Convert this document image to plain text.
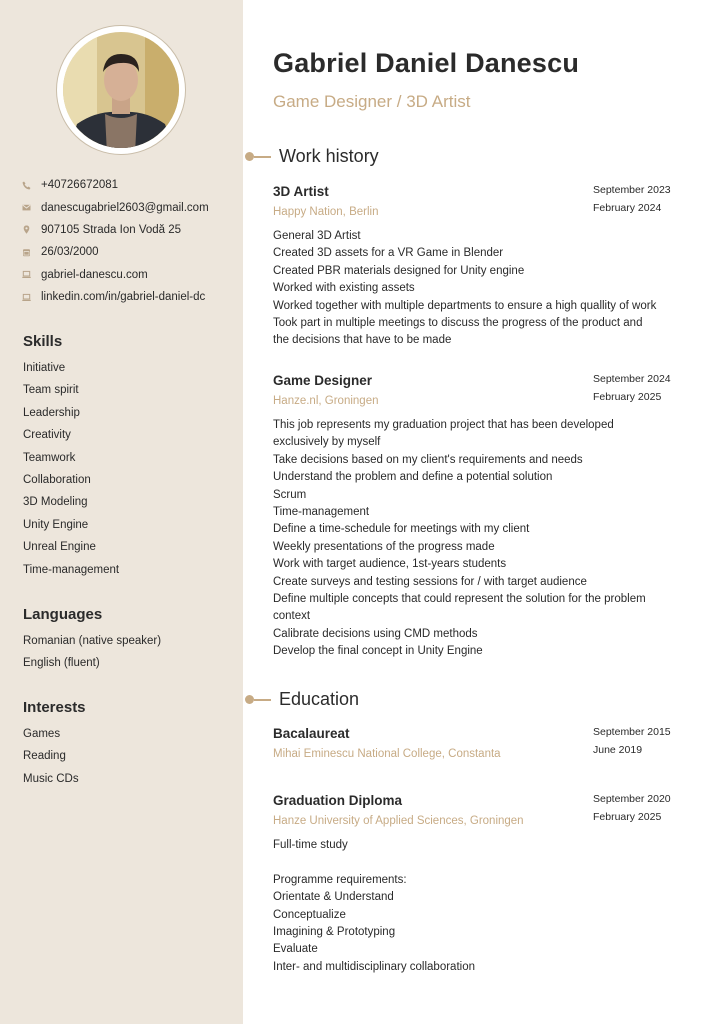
+40726672081
danescugabriel2603@gmail.com
907105 Strada Ion Vodă 25
26/03/2000
gabriel-danescu.com
linkedin.com/in/gabriel-daniel-dc
Skills
Initiative
Team spirit
Leadership
Creativity
Teamwork
Collaboration
3D Modeling
Unity Engine
Unreal Engine
Time-management
Languages
Romanian (native speaker)
English (fluent)
Interests
Games
Reading
Music CDs
Gabriel Daniel Danescu
Game Designer / 3D Artist
Work history
Education
3D Artist
Happy Nation, Berlin
September 2023
February 2024
General 3D Artist
Created 3D assets for a VR Game in Blender
Created PBR materials designed for Unity engine
Worked with existing assets
Worked together with multiple departments to ensure a high quallity of work
Took part in multiple meetings to discuss the progress of the product and
the decisions that have to be made
Game Designer
Hanze.nl, Groningen
September 2024
February 2025
This job represents my graduation project that has been developed
exclusively by myself
Take decisions based on my client's requirements and needs
Understand the problem and define a potential solution
Scrum
Time-management
Define a time-schedule for meetings with my client
Weekly presentations of the progress made
Work with target audience, 1st-years students
Create surveys and testing sessions for / with target audience
Define multiple concepts that could represent the solution for the problem
context
Calibrate decisions using CMD methods
Develop the final concept in Unity Engine
Bacalaureat
Mihai Eminescu National College, Constanta
September 2015
June 2019
Graduation Diploma
Hanze University of Applied Sciences, Groningen
September 2020
February 2025
Full-time study
Programme requirements:
Orientate & Understand
Conceptualize
Imagining & Prototyping
Evaluate
Inter- and multidisciplinary collaboration
